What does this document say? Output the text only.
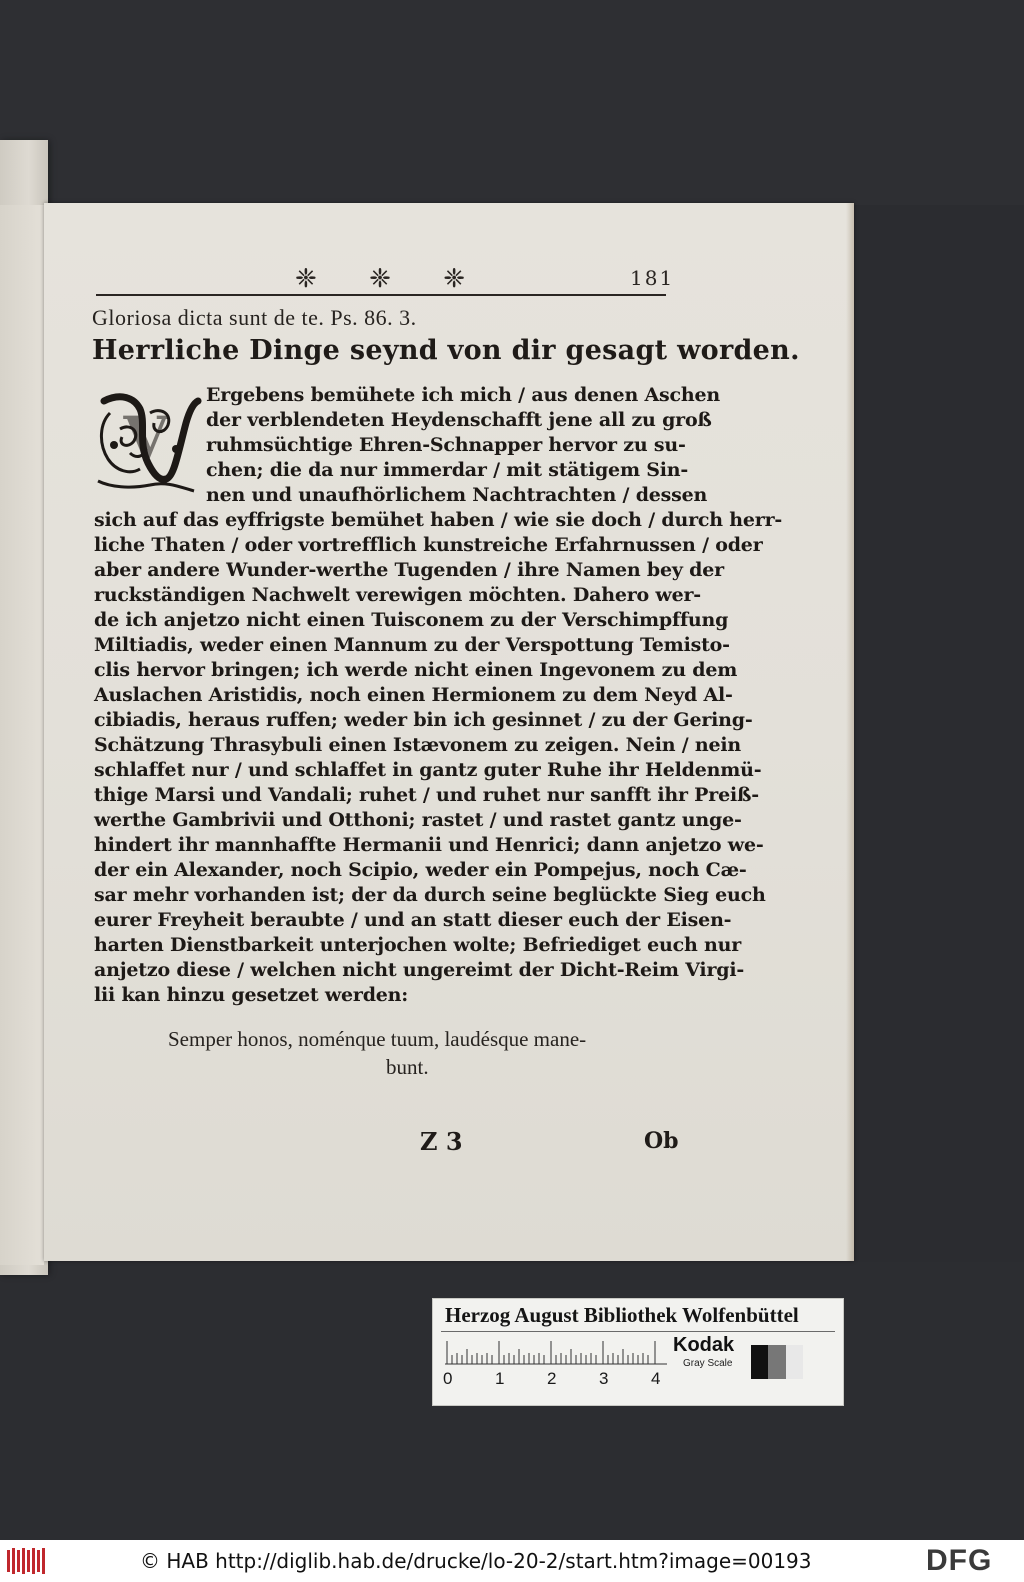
❈ ❈ ❈	181
Gloriosa dicta sunt de te. Ps. 86. 3.
Herrliche Dinge seynd von dir gesagt worden.
V
Ergebens bemühete ich mich / aus denen Aschen
der verblendeten Heydenschafft jene all zu groß
ruhmsüchtige Ehren-Schnapper hervor zu su-
chen; die da nur immerdar / mit stätigem Sin-
nen und unaufhörlichem Nachtrachten / dessen
sich auf das eyffrigste bemühet haben / wie sie doch / durch herr-
liche Thaten / oder vortrefflich kunstreiche Erfahrnussen / oder
aber andere Wunder-werthe Tugenden / ihre Namen bey der
ruckständigen Nachwelt verewigen möchten. Dahero wer-
de ich anjetzo nicht einen Tuisconem zu der Verschimpffung
Miltiadis, weder einen Mannum zu der Verspottung Temisto-
clis hervor bringen; ich werde nicht einen Ingevonem zu dem
Auslachen Aristidis, noch einen Hermionem zu dem Neyd Al-
cibiadis, heraus ruffen; weder bin ich gesinnet / zu der Gering-
Schätzung Thrasybuli einen Istævonem zu zeigen. Nein / nein
schlaffet nur / und schlaffet in gantz guter Ruhe ihr Heldenmü-
thige Marsi und Vandali; ruhet / und ruhet nur sanfft ihr Preiß-
werthe Gambrivii und Otthoni; rastet / und rastet gantz unge-
hindert ihr mannhaffte Hermanii und Henrici; dann anjetzo we-
der ein Alexander, noch Scipio, weder ein Pompejus, noch Cæ-
sar mehr vorhanden ist; der da durch seine beglückte Sieg euch
eurer Freyheit beraubte / und an statt dieser euch der Eisen-
harten Dienstbarkeit unterjochen wolte; Befriediget euch nur
anjetzo diese / welchen nicht ungereimt der Dicht-Reim Virgi-
lii kan hinzu gesetzet werden:
Semper honos, noménque tuum, laudésque mane-
bunt.
Z 3	Ob
Herzog August Bibliothek Wolfenbüttel
0	1	2	3	4
Kodak
Gray Scale
© HAB http://diglib.hab.de/drucke/lo-20-2/start.htm?image=00193	DFG
